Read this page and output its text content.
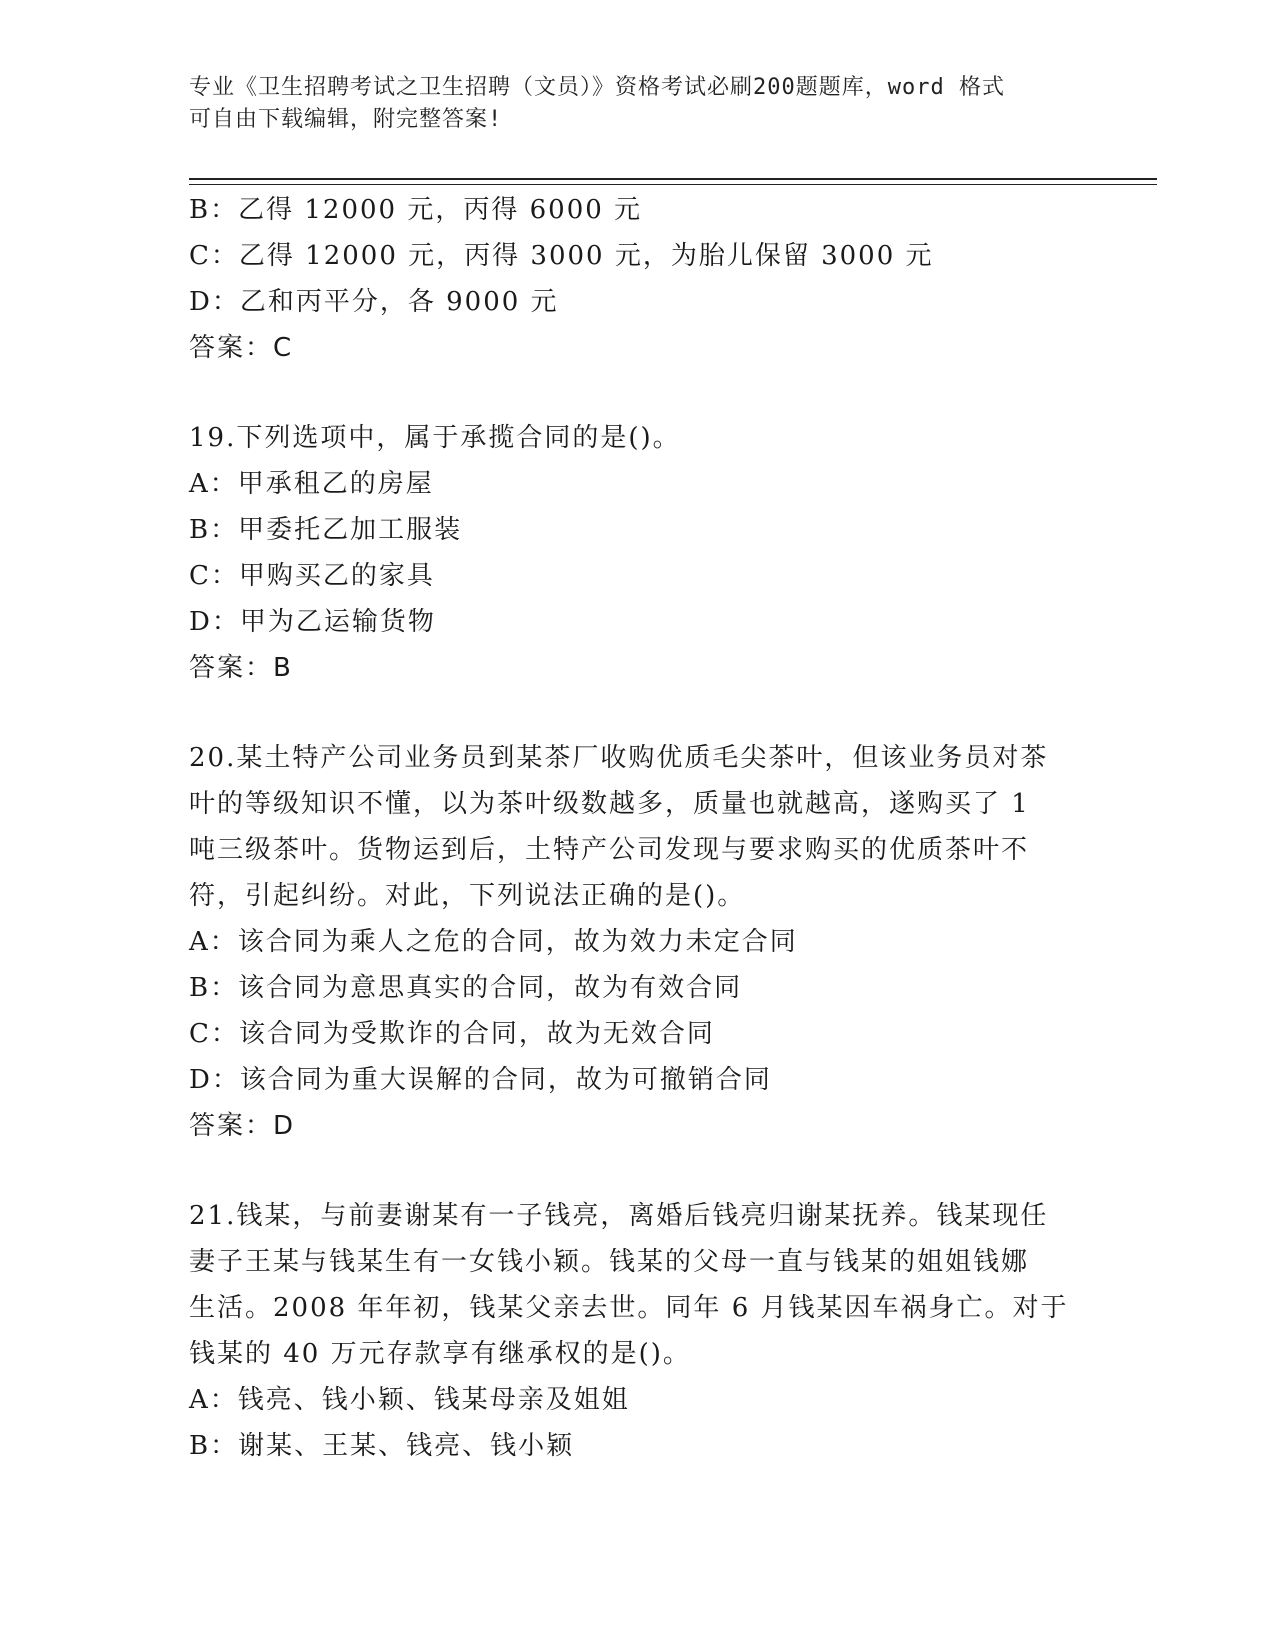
专业《卫生招聘考试之卫生招聘（文员）》资格考试必刷200题题库，word 格式
可自由下载编辑，附完整答案!
B：乙得 12000 元，丙得 6000 元
C：乙得 12000 元，丙得 3000 元，为胎儿保留 3000 元
D：乙和丙平分，各 9000 元
答案：C
19.下列选项中，属于承揽合同的是()。
A：甲承租乙的房屋
B：甲委托乙加工服装
C：甲购买乙的家具
D：甲为乙运输货物
答案：B
20.某土特产公司业务员到某茶厂收购优质毛尖茶叶，但该业务员对茶
叶的等级知识不懂，以为茶叶级数越多，质量也就越高，遂购买了 1
吨三级茶叶。货物运到后，土特产公司发现与要求购买的优质茶叶不
符，引起纠纷。对此，下列说法正确的是()。
A：该合同为乘人之危的合同，故为效力未定合同
B：该合同为意思真实的合同，故为有效合同
C：该合同为受欺诈的合同，故为无效合同
D：该合同为重大误解的合同，故为可撤销合同
答案：D
21.钱某，与前妻谢某有一子钱亮，离婚后钱亮归谢某抚养。钱某现任
妻子王某与钱某生有一女钱小颖。钱某的父母一直与钱某的姐姐钱娜
生活。2008 年年初，钱某父亲去世。同年 6 月钱某因车祸身亡。对于
钱某的 40 万元存款享有继承权的是()。
A：钱亮、钱小颖、钱某母亲及姐姐
B：谢某、王某、钱亮、钱小颖
